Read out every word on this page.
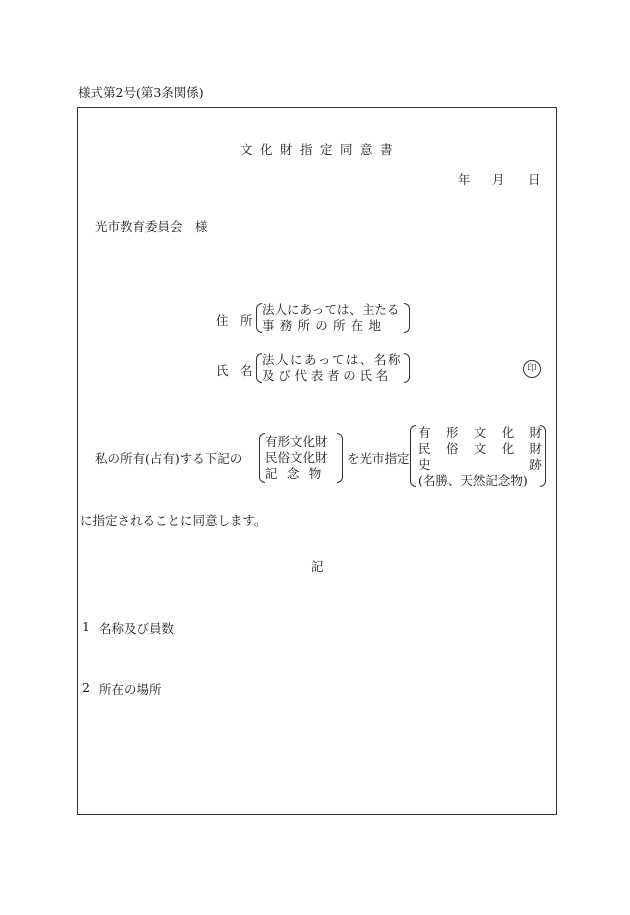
様式第2号(第3条関係)
文化財指定同意書
年 月 日
光市教育委員会　様
住 所
法人にあっては、主たる
事務所の所在地
氏 名
法人にあっては、名称
及び代表者の氏名	印
私の所有(占有)する下記の
有形文化財
民俗文化財
記念物
を光市指定
有 形 文 化 財
民 俗 文 化 財
史	跡
(名勝、天然記念物)
に指定されることに同意します。
記
1 名称及び員数
2 所在の場所
